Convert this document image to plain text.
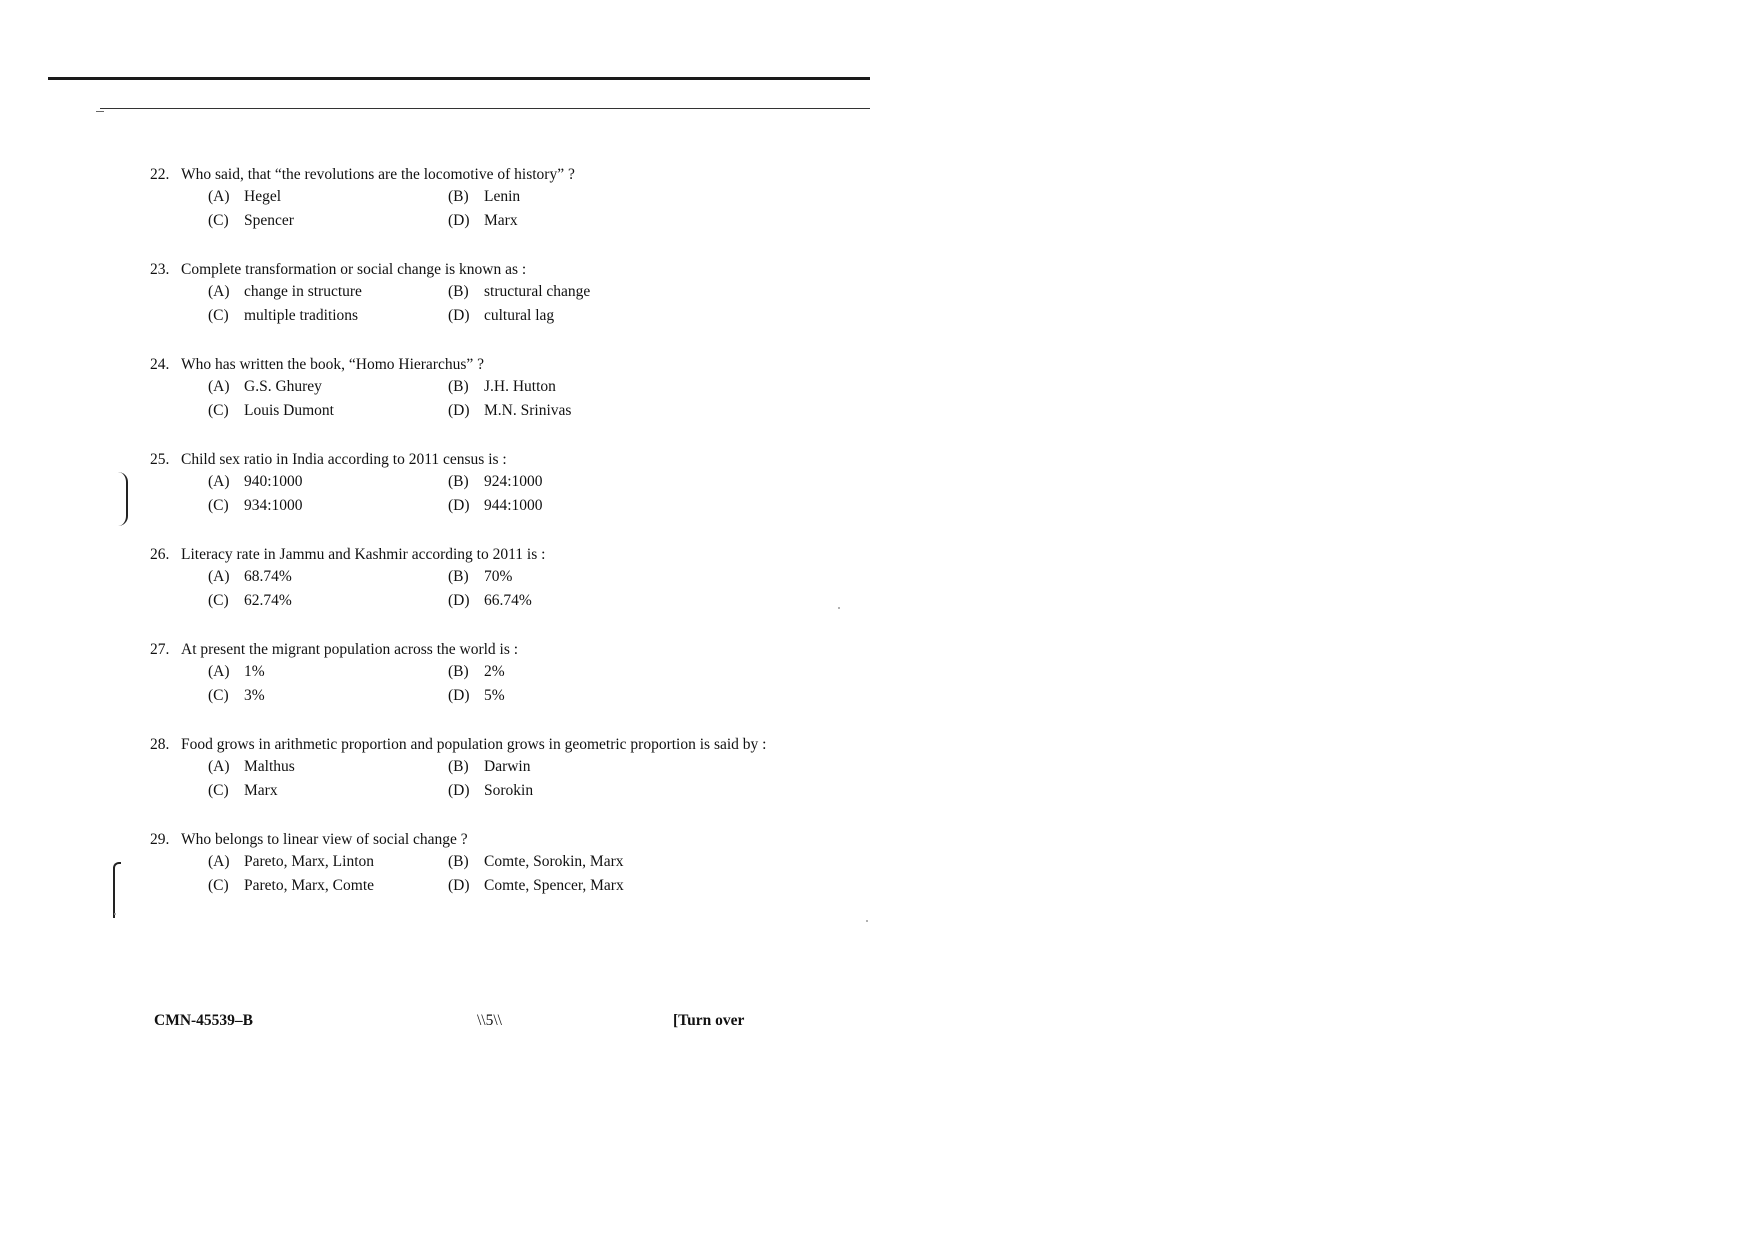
22. Who said, that “the revolutions are the locomotive of history” ?
(A) Hegel	(B) Lenin
(C) Spencer	(D) Marx
23. Complete transformation or social change is known as :
(A) change in structure	(B) structural change
(C) multiple traditions	(D) cultural lag
24. Who has written the book, “Homo Hierarchus” ?
(A) G.S. Ghurey	(B) J.H. Hutton
(C) Louis Dumont	(D) M.N. Srinivas
25. Child sex ratio in India according to 2011 census is :
(A) 940:1000	(B) 924:1000
(C) 934:1000	(D) 944:1000
26. Literacy rate in Jammu and Kashmir according to 2011 is :
(A) 68.74%	(B) 70%
(C) 62.74%	(D) 66.74%
27. At present the migrant population across the world is :
(A) 1%	(B) 2%
(C) 3%	(D) 5%
28. Food grows in arithmetic proportion and population grows in geometric proportion is said by :
(A) Malthus	(B) Darwin
(C) Marx	(D) Sorokin
29. Who belongs to linear view of social change ?
(A) Pareto, Marx, Linton	(B) Comte, Sorokin, Marx
(C) Pareto, Marx, Comte	(D) Comte, Spencer, Marx
CMN-45539–B	\\5\\	[Turn over
